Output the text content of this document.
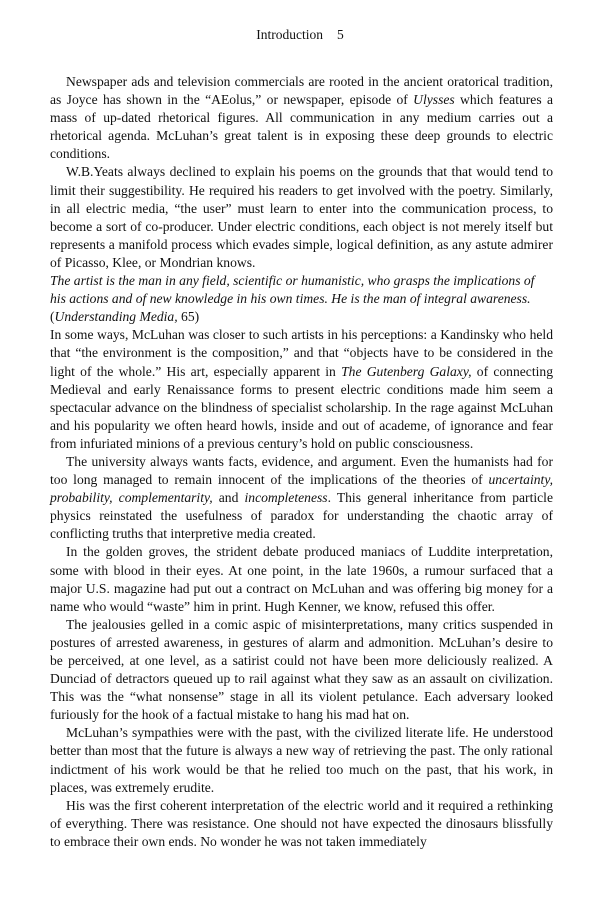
Introduction 5

Newspaper ads and television commercials are rooted in the ancient oratorical tradition, as Joyce has shown in the “AEolus,” or newspaper, episode of Ulysses which features a mass of up-dated rhetorical figures. All communication in any medium carries out a rhetorical agenda. McLuhan’s great talent is in exposing these deep grounds to electric conditions.

W.B.Yeats always declined to explain his poems on the grounds that that would tend to limit their suggestibility. He required his readers to get involved with the poetry. Similarly, in all electric media, “the user” must learn to enter into the communication process, to become a sort of co-producer. Under electric conditions, each object is not merely itself but represents a manifold process which evades simple, logical definition, as any astute admirer of Picasso, Klee, or Mondrian knows.

The artist is the man in any field, scientific or humanistic, who grasps the implications of his actions and of new knowledge in his own times. He is the man of integral awareness. (Understanding Media, 65)

In some ways, McLuhan was closer to such artists in his perceptions: a Kandinsky who held that “the environment is the composition,” and that “objects have to be considered in the light of the whole.” His art, especially apparent in The Gutenberg Galaxy, of connecting Medieval and early Renaissance forms to present electric conditions made him seem a spectacular advance on the blindness of specialist scholarship. In the rage against McLuhan and his popularity we often heard howls, inside and out of academe, of ignorance and fear from infuriated minions of a previous century’s hold on public consciousness.

The university always wants facts, evidence, and argument. Even the humanists had for too long managed to remain innocent of the implications of the theories of uncertainty, probability, complementarity, and incompleteness. This general inheritance from particle physics reinstated the usefulness of paradox for understanding the chaotic array of conflicting truths that interpretive media created.

In the golden groves, the strident debate produced maniacs of Luddite interpretation, some with blood in their eyes. At one point, in the late 1960s, a rumour surfaced that a major U.S. magazine had put out a contract on McLuhan and was offering big money for a name who would “waste” him in print. Hugh Kenner, we know, refused this offer.

The jealousies gelled in a comic aspic of misinterpretations, many critics suspended in postures of arrested awareness, in gestures of alarm and admonition. McLuhan’s desire to be perceived, at one level, as a satirist could not have been more deliciously realized. A Dunciad of detractors queued up to rail against what they saw as an assault on civilization. This was the “what nonsense” stage in all its violent petulance. Each adversary looked furiously for the hook of a factual mistake to hang his mad hat on.

McLuhan’s sympathies were with the past, with the civilized literate life. He understood better than most that the future is always a new way of retrieving the past. The only rational indictment of his work would be that he relied too much on the past, that his work, in places, was extremely erudite.

His was the first coherent interpretation of the electric world and it required a rethinking of everything. There was resistance. One should not have expected the dinosaurs blissfully to embrace their own ends. No wonder he was not taken immediately
